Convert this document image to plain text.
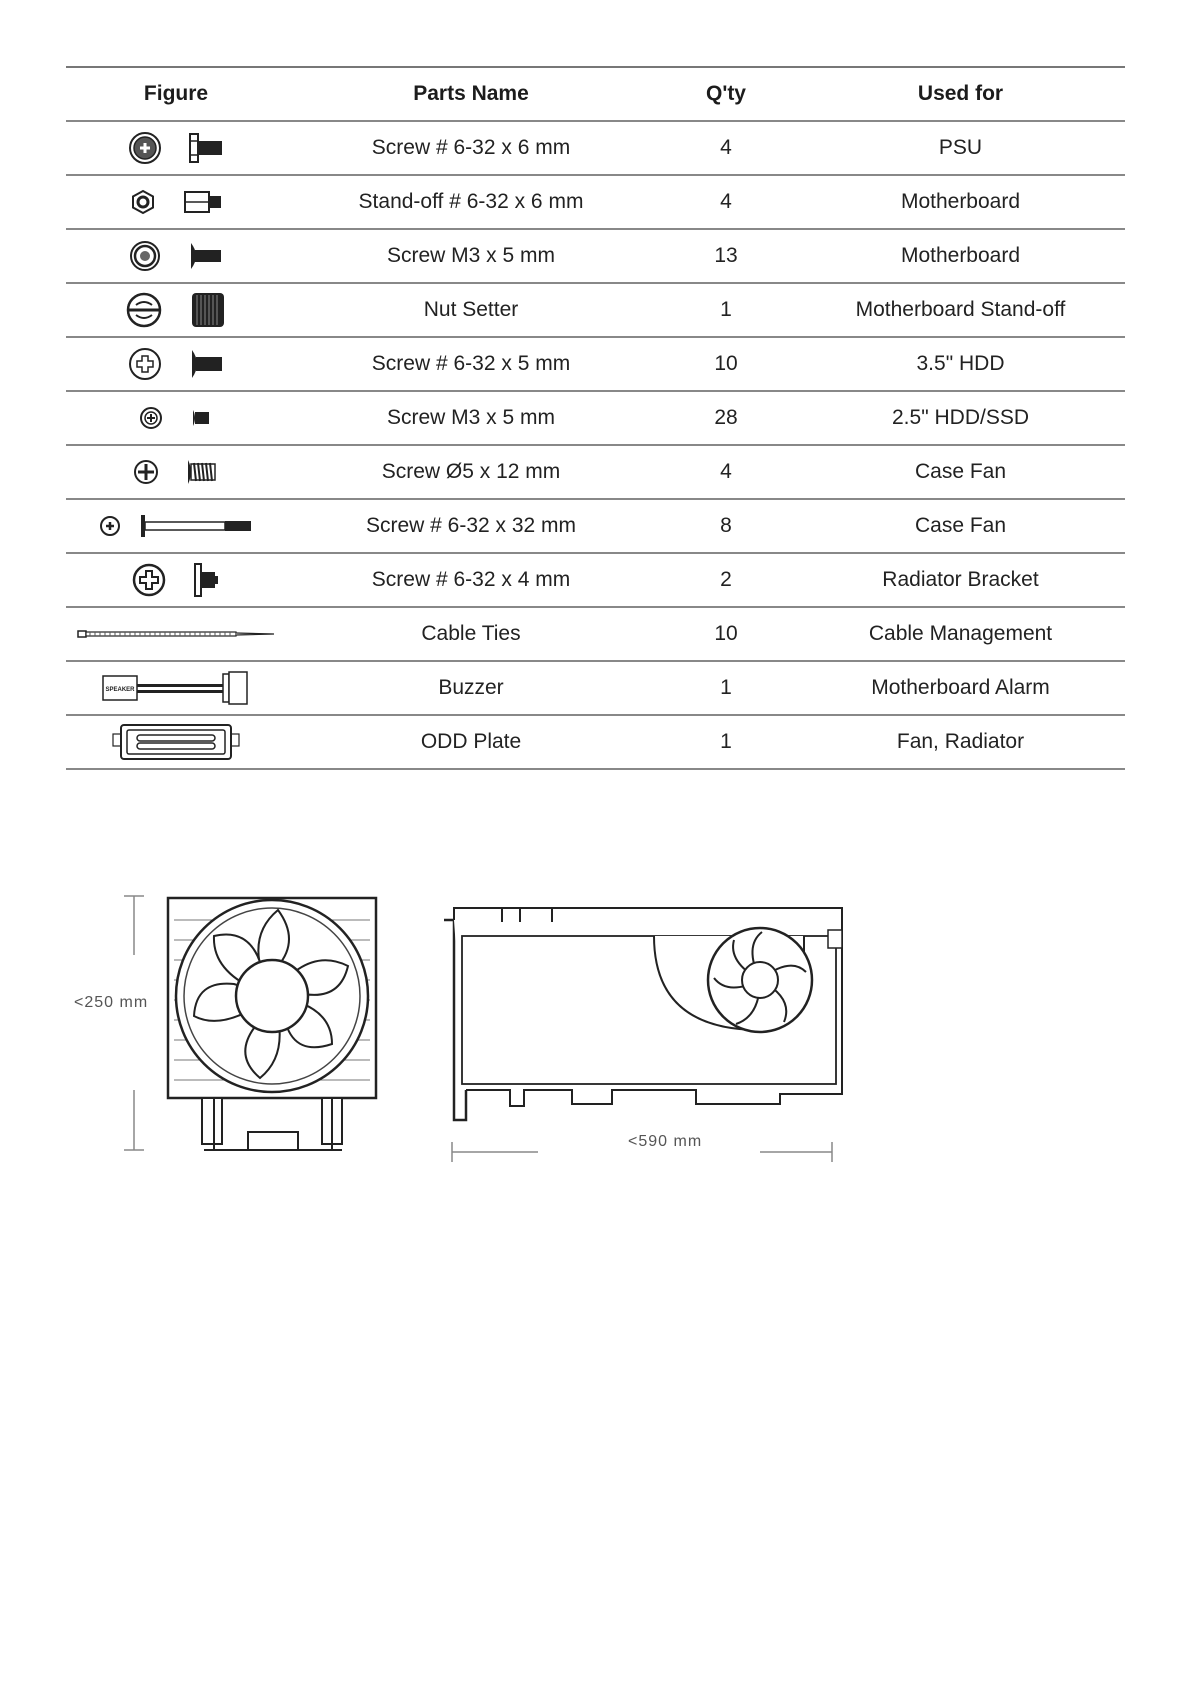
Figure	Parts Name	Q'ty	Used for

	Screw # 6-32 x 6 mm	4	PSU

	Stand-off # 6-32 x 6 mm	4	Motherboard

	Screw M3 x 5 mm	13	Motherboard

	Nut Setter	1	Motherboard Stand-off

	Screw # 6-32 x 5 mm	10	3.5" HDD

	Screw M3 x 5 mm	28	2.5" HDD/SSD

	Screw Ø5 x 12 mm	4	Case Fan

	Screw # 6-32 x 32 mm	8	Case Fan

	Screw # 6-32 x 4 mm	2	Radiator Bracket

	Cable Ties	10	Cable Management

SPEAKER	Buzzer	1	Motherboard Alarm

	ODD Plate	1	Fan, Radiator
<250 mm
<590 mm
